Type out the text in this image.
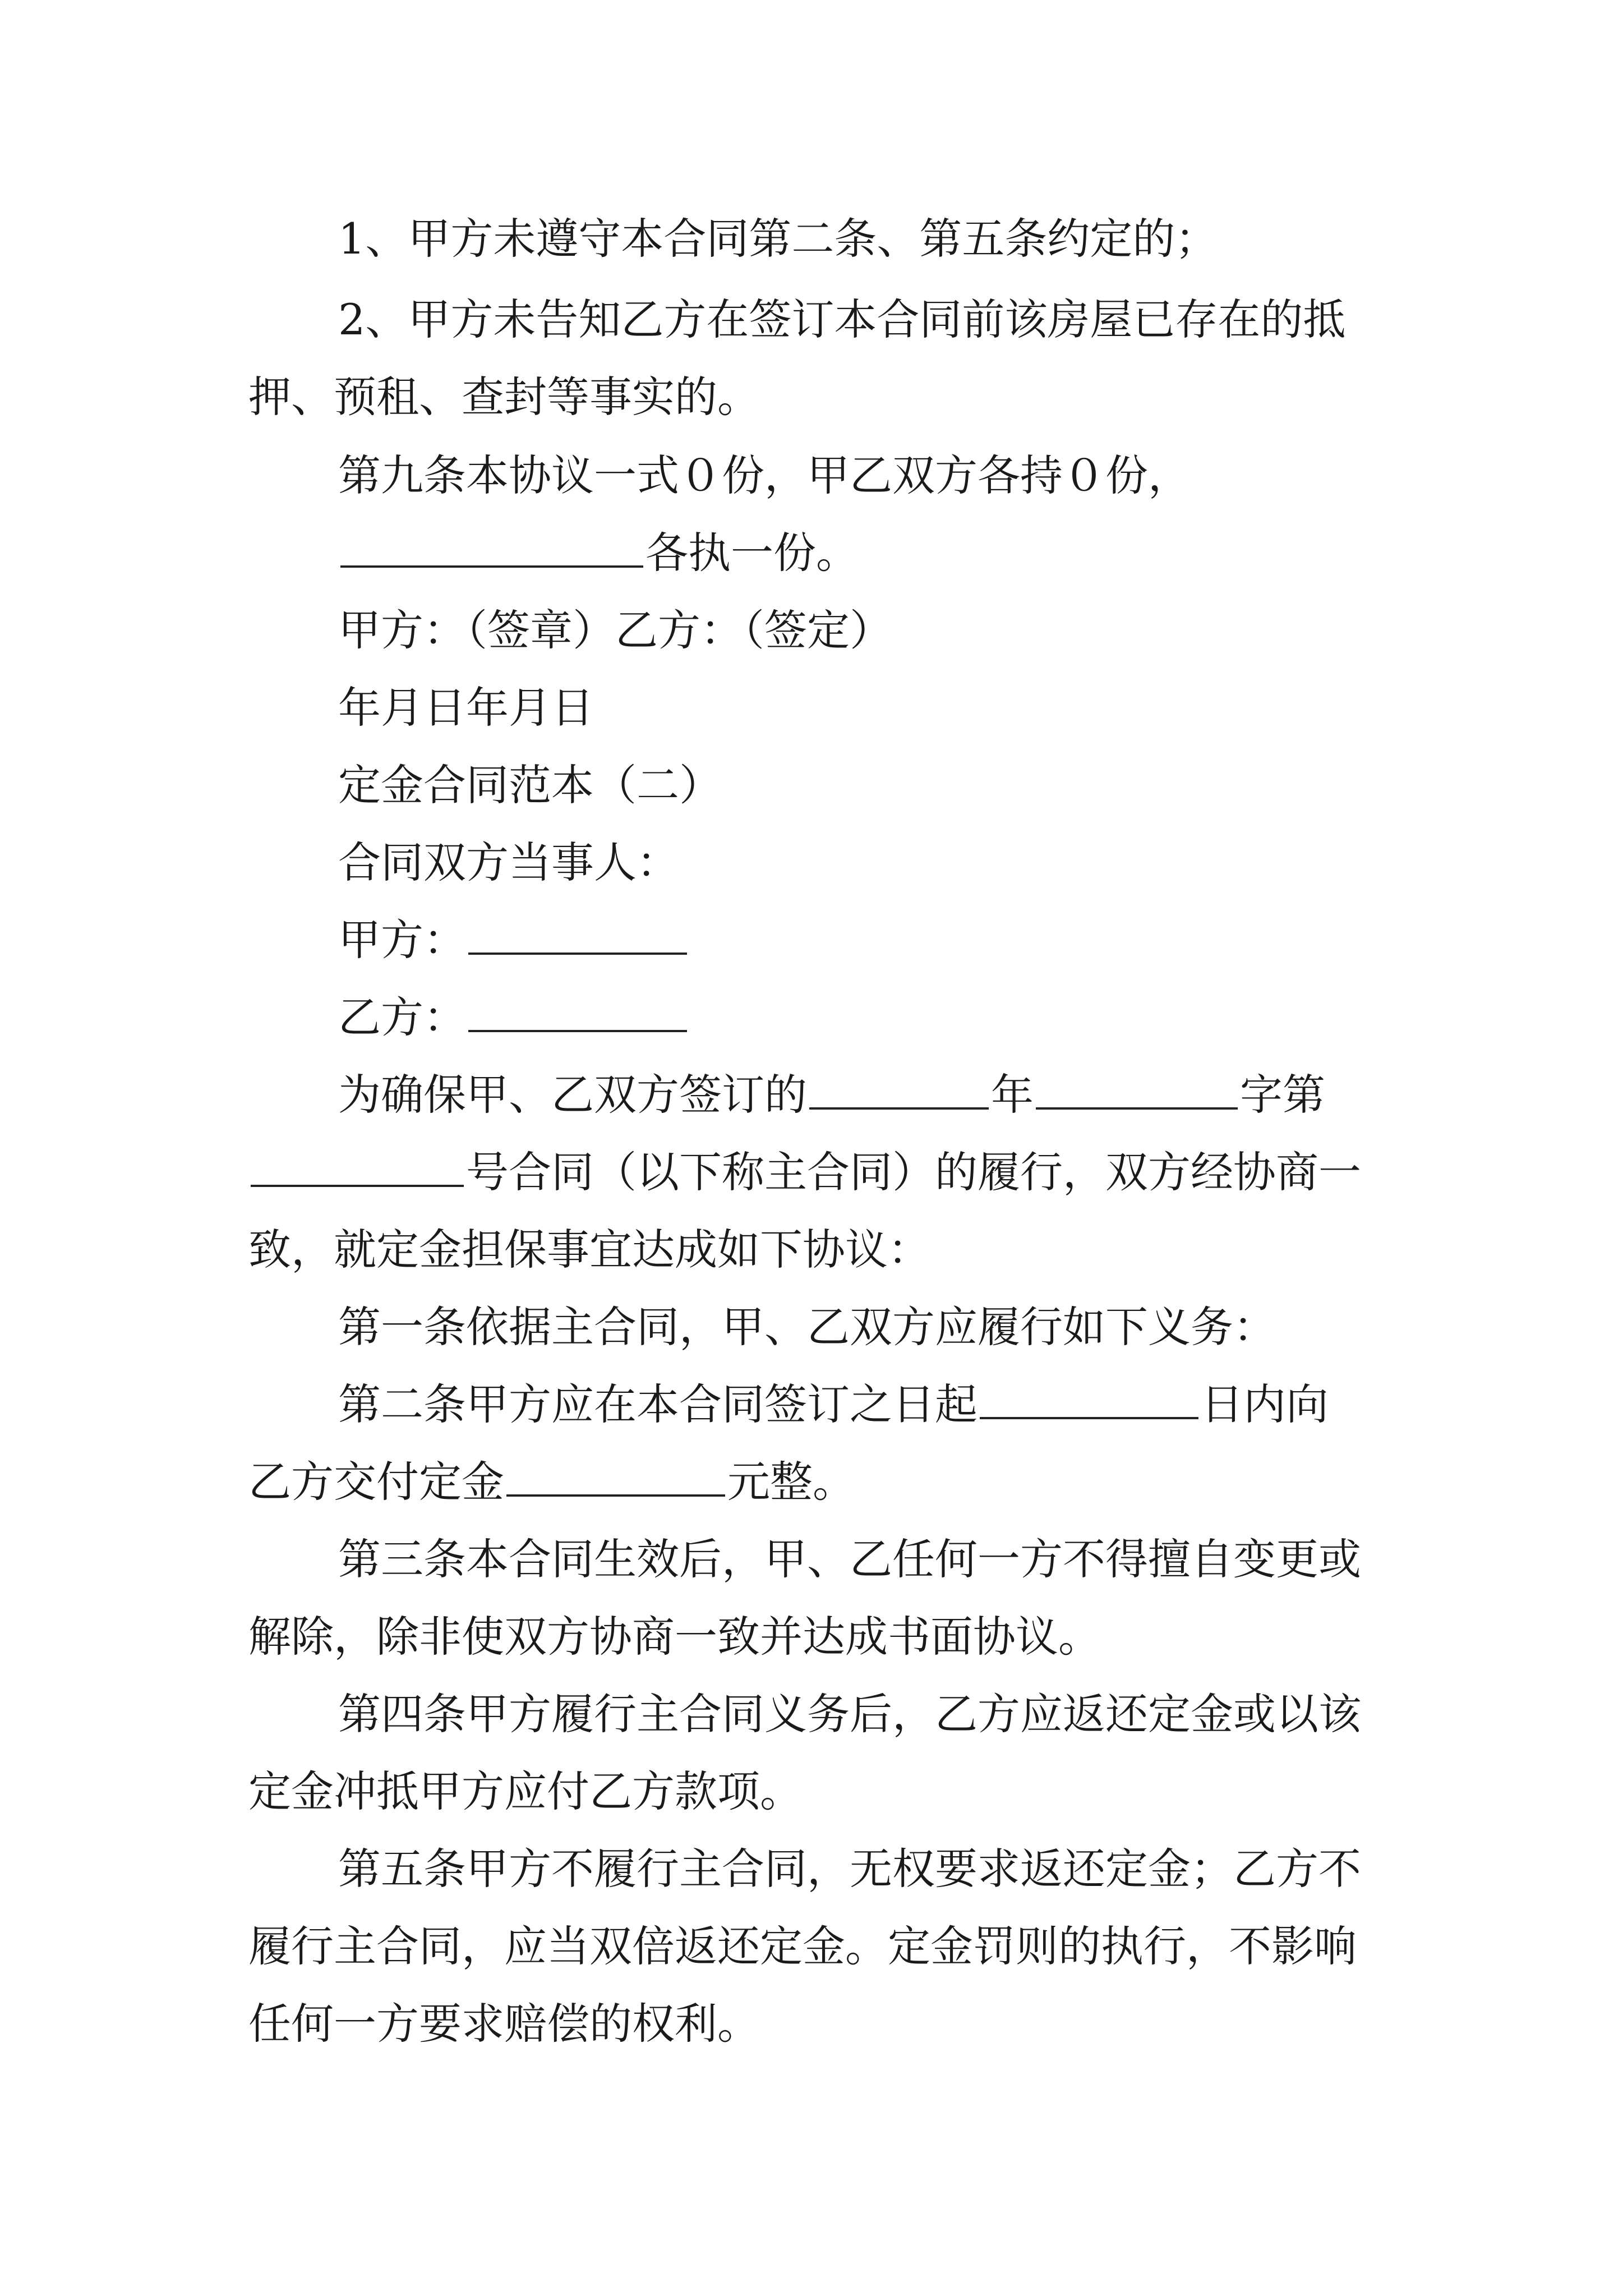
1、甲方未遵守本合同第二条、第五条约定的；
2、甲方未告知乙方在签订本合同前该房屋已存在的抵
押、预租、查封等事实的。
第九条本协议一式０份，甲乙双方各持０份，
各执一份。
甲方：（签章）乙方：（签定）
年月日年月日
定金合同范本（二）
合同双方当事人：
甲方：
乙方：
为确保甲、乙双方签订的	年	字第
号合同（以下称主合同）的履行，双方经协商一
致，就定金担保事宜达成如下协议：
第一条依据主合同，甲、乙双方应履行如下义务：
第二条甲方应在本合同签订之日起	日内向
乙方交付定金	元整。
第三条本合同生效后，甲、乙任何一方不得擅自变更或
解除，除非使双方协商一致并达成书面协议。
第四条甲方履行主合同义务后，乙方应返还定金或以该
定金冲抵甲方应付乙方款项。
第五条甲方不履行主合同，无权要求返还定金；乙方不
履行主合同，应当双倍返还定金。定金罚则的执行，不影响
任何一方要求赔偿的权利。
